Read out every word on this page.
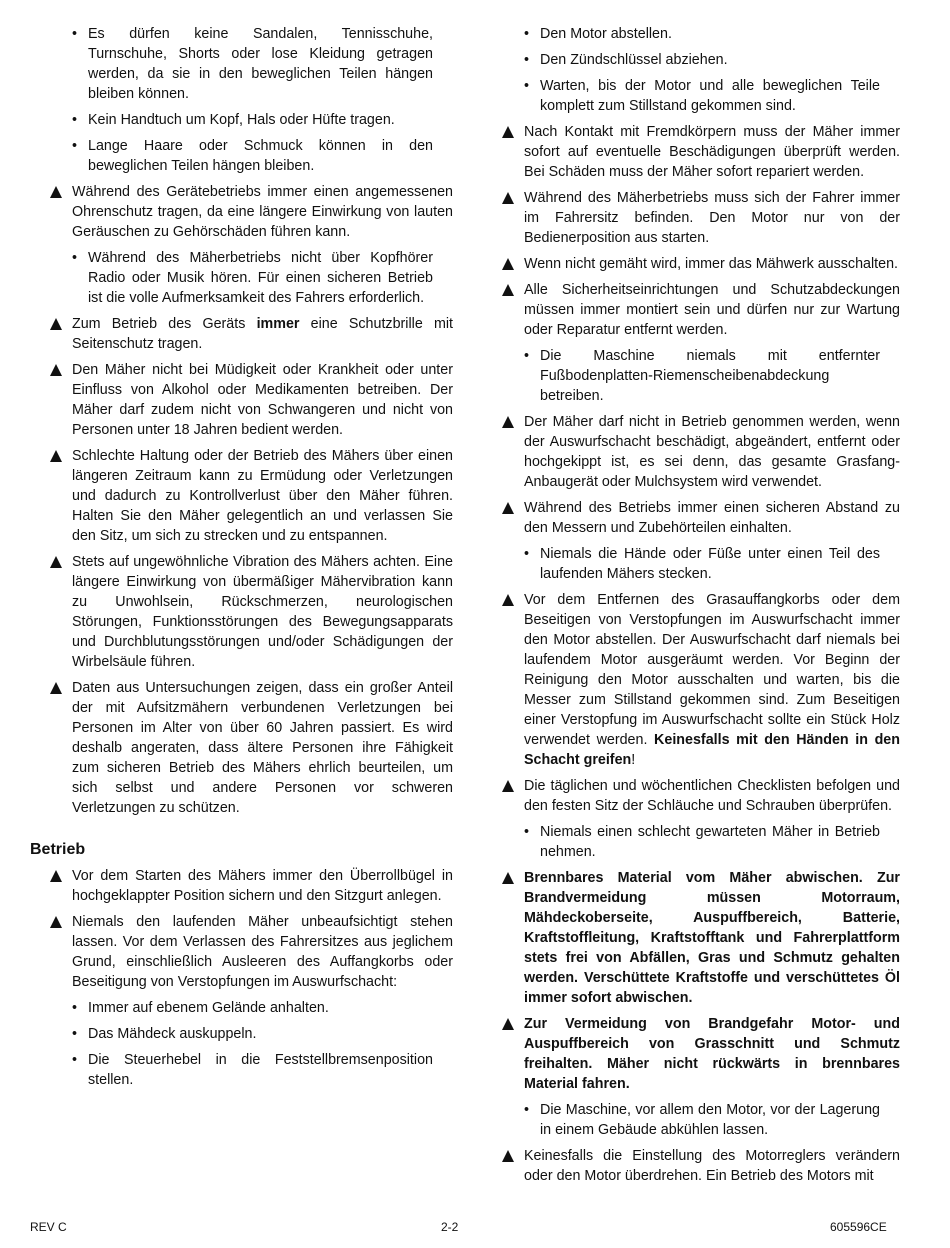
• Es dürfen keine Sandalen, Tennisschuhe, Turnschuhe, Shorts oder lose Kleidung getragen werden, da sie in den beweglichen Teilen hängen bleiben können.
• Kein Handtuch um Kopf, Hals oder Hüfte tragen.
• Lange Haare oder Schmuck können in den beweglichen Teilen hängen bleiben.
Während des Gerätebetriebs immer einen angemessenen Ohrenschutz tragen, da eine längere Einwirkung von lauten Geräuschen zu Gehörschäden führen kann.
• Während des Mäherbetriebs nicht über Kopfhörer Radio oder Musik hören. Für einen sicheren Betrieb ist die volle Aufmerksamkeit des Fahrers erforderlich.
Zum Betrieb des Geräts immer eine Schutzbrille mit Seitenschutz tragen.
Den Mäher nicht bei Müdigkeit oder Krankheit oder unter Einfluss von Alkohol oder Medikamenten betreiben. Der Mäher darf zudem nicht von Schwangeren und nicht von Personen unter 18 Jahren bedient werden.
Schlechte Haltung oder der Betrieb des Mähers über einen längeren Zeitraum kann zu Ermüdung oder Verletzungen und dadurch zu Kontrollverlust über den Mäher führen. Halten Sie den Mäher gelegentlich an und verlassen Sie den Sitz, um sich zu strecken und zu entspannen.
Stets auf ungewöhnliche Vibration des Mähers achten. Eine längere Einwirkung von übermäßiger Mähervibration kann zu Unwohlsein, Rückschmerzen, neurologischen Störungen, Funktionsstörungen des Bewegungsapparats und Durchblutungsstörungen und/oder Schädigungen der Wirbelsäule führen.
Daten aus Untersuchungen zeigen, dass ein großer Anteil der mit Aufsitzmähern verbundenen Verletzungen bei Personen im Alter von über 60 Jahren passiert. Es wird deshalb angeraten, dass ältere Personen ihre Fähigkeit zum sicheren Betrieb des Mähers ehrlich beurteilen, um sich selbst und andere Personen vor schweren Verletzungen zu schützen.
Betrieb
Vor dem Starten des Mähers immer den Überrollbügel in hochgeklappter Position sichern und den Sitzgurt anlegen.
Niemals den laufenden Mäher unbeaufsichtigt stehen lassen. Vor dem Verlassen des Fahrersitzes aus jeglichem Grund, einschließlich Ausleeren des Auffangkorbs oder Beseitigung von Verstopfungen im Auswurfschacht:
• Immer auf ebenem Gelände anhalten.
• Das Mähdeck auskuppeln.
• Die Steuerhebel in die Feststellbremsenposition stellen.
• Den Motor abstellen.
• Den Zündschlüssel abziehen.
• Warten, bis der Motor und alle beweglichen Teile komplett zum Stillstand gekommen sind.
Nach Kontakt mit Fremdkörpern muss der Mäher immer sofort auf eventuelle Beschädigungen überprüft werden. Bei Schäden muss der Mäher sofort repariert werden.
Während des Mäherbetriebs muss sich der Fahrer immer im Fahrersitz befinden. Den Motor nur von der Bedienerposition aus starten.
Wenn nicht gemäht wird, immer das Mähwerk ausschalten.
Alle Sicherheitseinrichtungen und Schutzabdeckungen müssen immer montiert sein und dürfen nur zur Wartung oder Reparatur entfernt werden.
• Die Maschine niemals mit entfernter Fußbodenplatten-Riemenscheibenabdeckung betreiben.
Der Mäher darf nicht in Betrieb genommen werden, wenn der Auswurfschacht beschädigt, abgeändert, entfernt oder hochgekippt ist, es sei denn, das gesamte Grasfang-Anbaugerät oder Mulchsystem wird verwendet.
Während des Betriebs immer einen sicheren Abstand zu den Messern und Zubehörteilen einhalten.
• Niemals die Hände oder Füße unter einen Teil des laufenden Mähers stecken.
Vor dem Entfernen des Grasauffangkorbs oder dem Beseitigen von Verstopfungen im Auswurfschacht immer den Motor abstellen. Der Auswurfschacht darf niemals bei laufendem Motor ausgeräumt werden. Vor Beginn der Reinigung den Motor ausschalten und warten, bis die Messer zum Stillstand gekommen sind. Zum Beseitigen einer Verstopfung im Auswurfschacht sollte ein Stück Holz verwendet werden. Keinesfalls mit den Händen in den Schacht greifen!
Die täglichen und wöchentlichen Checklisten befolgen und den festen Sitz der Schläuche und Schrauben überprüfen.
• Niemals einen schlecht gewarteten Mäher in Betrieb nehmen.
Brennbares Material vom Mäher abwischen. Zur Brandvermeidung müssen Motorraum, Mähdeckoberseite, Auspuffbereich, Batterie, Kraftstoffleitung, Kraftstofftank und Fahrerplattform stets frei von Abfällen, Gras und Schmutz gehalten werden. Verschüttete Kraftstoffe und verschüttetes Öl immer sofort abwischen.
Zur Vermeidung von Brandgefahr Motor- und Auspuffbereich von Grasschnitt und Schmutz freihalten. Mäher nicht rückwärts in brennbares Material fahren.
• Die Maschine, vor allem den Motor, vor der Lagerung in einem Gebäude abkühlen lassen.
Keinesfalls die Einstellung des Motorreglers verändern oder den Motor überdrehen. Ein Betrieb des Motors mit
REV C	2-2	605596CE
